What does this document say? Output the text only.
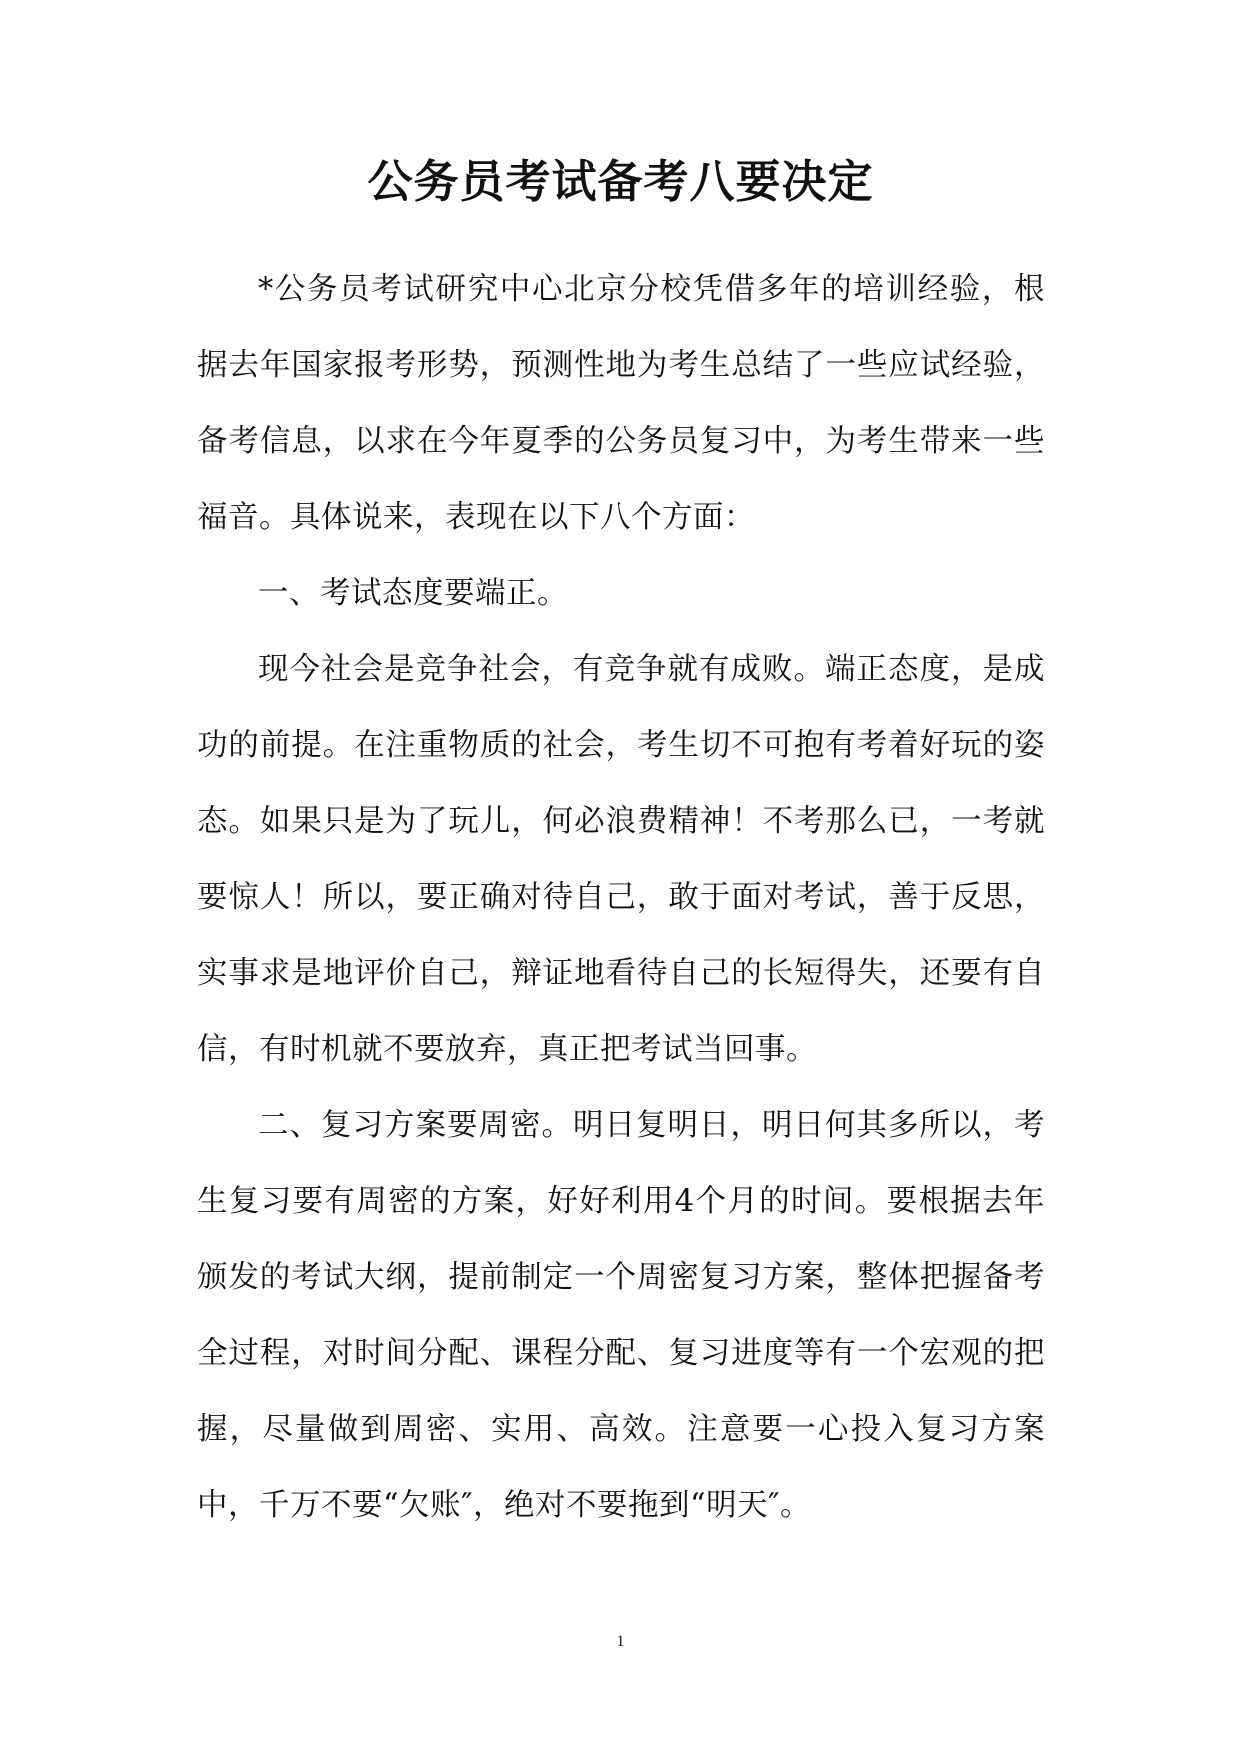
公务员考试备考八要决定

*公务员考试研究中心北京分校凭借多年的培训经验，根据去年国家报考形势，预测性地为考生总结了一些应试经验，备考信息，以求在今年夏季的公务员复习中，为考生带来一些福音。具体说来，表现在以下八个方面：

一、考试态度要端正。

现今社会是竞争社会，有竞争就有成败。端正态度，是成功的前提。在注重物质的社会，考生切不可抱有考着好玩的姿态。如果只是为了玩儿，何必浪费精神！不考那么已，一考就要惊人！所以，要正确对待自己，敢于面对考试，善于反思，实事求是地评价自己，辩证地看待自己的长短得失，还要有自信，有时机就不要放弃，真正把考试当回事。

二、复习方案要周密。明日复明日，明日何其多所以，考生复习要有周密的方案，好好利用4个月的时间。要根据去年颁发的考试大纲，提前制定一个周密复习方案，整体把握备考全过程，对时间分配、课程分配、复习进度等有一个宏观的把握，尽量做到周密、实用、高效。注意要一心投入复习方案中，千万不要“欠账″，绝对不要拖到“明天″。

1
